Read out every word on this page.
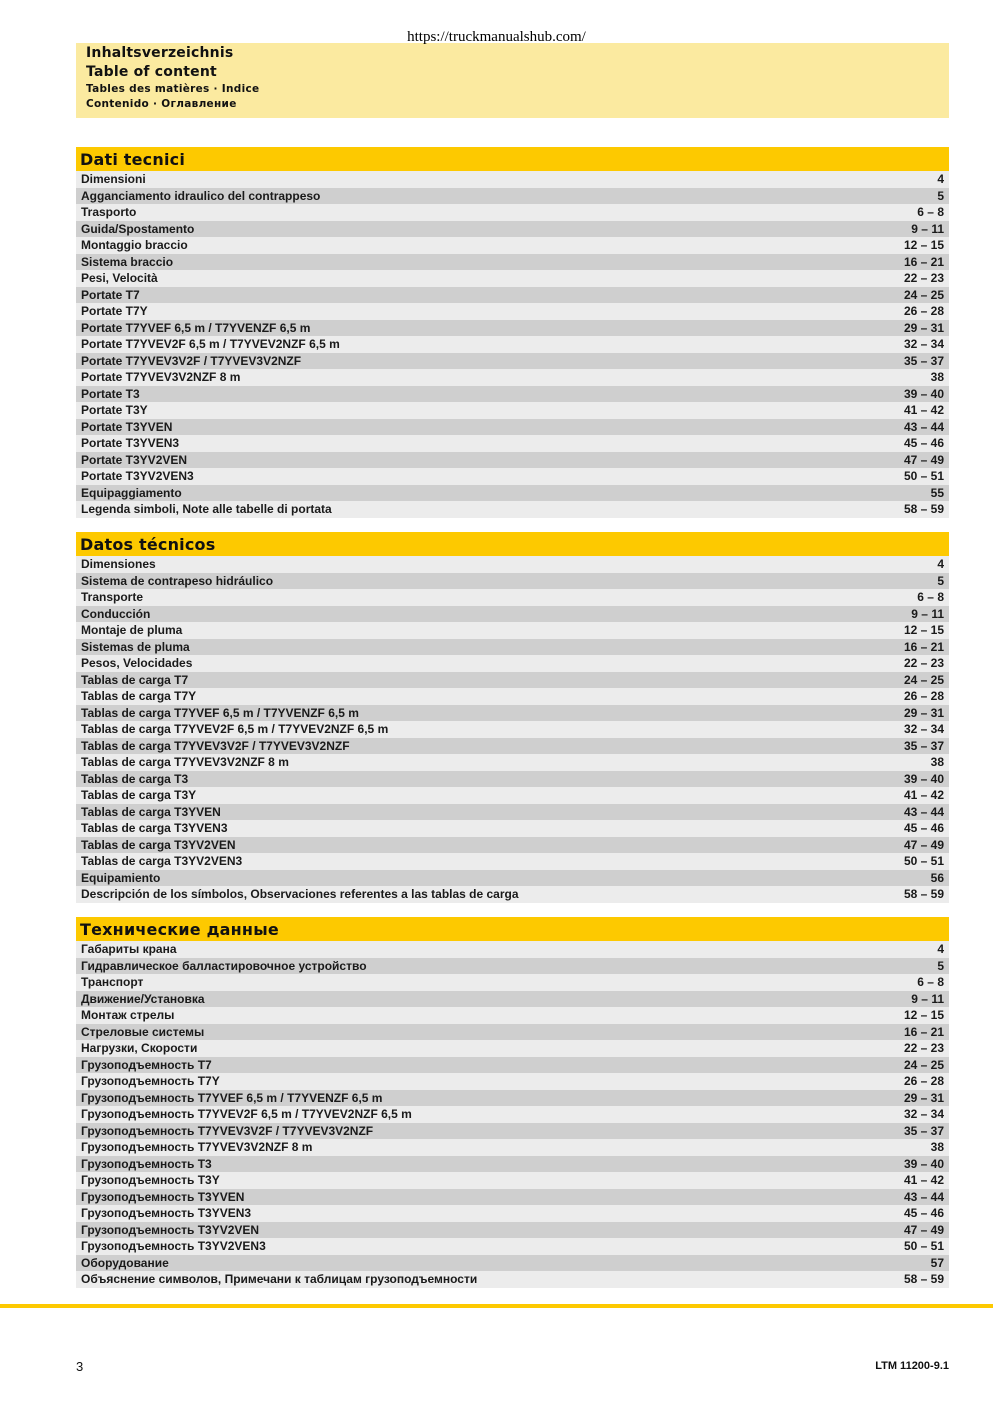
https://truckmanualshub.com/
Inhaltsverzeichnis
Table of content
Tables des matières · Indice
Contenido · Оглавление
Dati tecnici
Dimensioni	4
Agganciamento idraulico del contrappeso	5
Trasporto	6 – 8
Guida/Spostamento	9 – 11
Montaggio braccio	12 – 15
Sistema braccio	16 – 21
Pesi, Velocità	22 – 23
Portate T7	24 – 25
Portate T7Y	26 – 28
Portate T7YVEF 6,5 m / T7YVENZF 6,5 m	29 – 31
Portate T7YVEV2F 6,5 m / T7YVEV2NZF 6,5 m	32 – 34
Portate T7YVEV3V2F / T7YVEV3V2NZF	35 – 37
Portate T7YVEV3V2NZF 8 m	38
Portate T3	39 – 40
Portate T3Y	41 – 42
Portate T3YVEN	43 – 44
Portate T3YVEN3	45 – 46
Portate T3YV2VEN	47 – 49
Portate T3YV2VEN3	50 – 51
Equipaggiamento	55
Legenda simboli, Note alle tabelle di portata	58 – 59
Datos técnicos
Dimensiones	4
Sistema de contrapeso hidráulico	5
Transporte	6 – 8
Conducción	9 – 11
Montaje de pluma	12 – 15
Sistemas de pluma	16 – 21
Pesos, Velocidades	22 – 23
Tablas de carga T7	24 – 25
Tablas de carga T7Y	26 – 28
Tablas de carga T7YVEF 6,5 m / T7YVENZF 6,5 m	29 – 31
Tablas de carga T7YVEV2F 6,5 m / T7YVEV2NZF 6,5 m	32 – 34
Tablas de carga T7YVEV3V2F / T7YVEV3V2NZF	35 – 37
Tablas de carga T7YVEV3V2NZF 8 m	38
Tablas de carga T3	39 – 40
Tablas de carga T3Y	41 – 42
Tablas de carga T3YVEN	43 – 44
Tablas de carga T3YVEN3	45 – 46
Tablas de carga T3YV2VEN	47 – 49
Tablas de carga T3YV2VEN3	50 – 51
Equipamiento	56
Descripción de los símbolos, Observaciones referentes a las tablas de carga	58 – 59
Технические данные
Габариты крана	4
Гидравлическое балластировочное устройство	5
Транспорт	6 – 8
Движение/Установка	9 – 11
Монтаж стрелы	12 – 15
Стреловые системы	16 – 21
Нагрузки, Скорости	22 – 23
Грузоподъемность T7	24 – 25
Грузоподъемность T7Y	26 – 28
Грузоподъемность T7YVEF 6,5 m / T7YVENZF 6,5 m	29 – 31
Грузоподъемность T7YVEV2F 6,5 m / T7YVEV2NZF 6,5 m	32 – 34
Грузоподъемность T7YVEV3V2F / T7YVEV3V2NZF	35 – 37
Грузоподъемность T7YVEV3V2NZF 8 m	38
Грузоподъемность T3	39 – 40
Грузоподъемность T3Y	41 – 42
Грузоподъемность T3YVEN	43 – 44
Грузоподъемность T3YVEN3	45 – 46
Грузоподъемность T3YV2VEN	47 – 49
Грузоподъемность T3YV2VEN3	50 – 51
Оборудование	57
Объяснение символов, Примечани к таблицам грузоподъемности	58 – 59
3	LTM 11200-9.1
